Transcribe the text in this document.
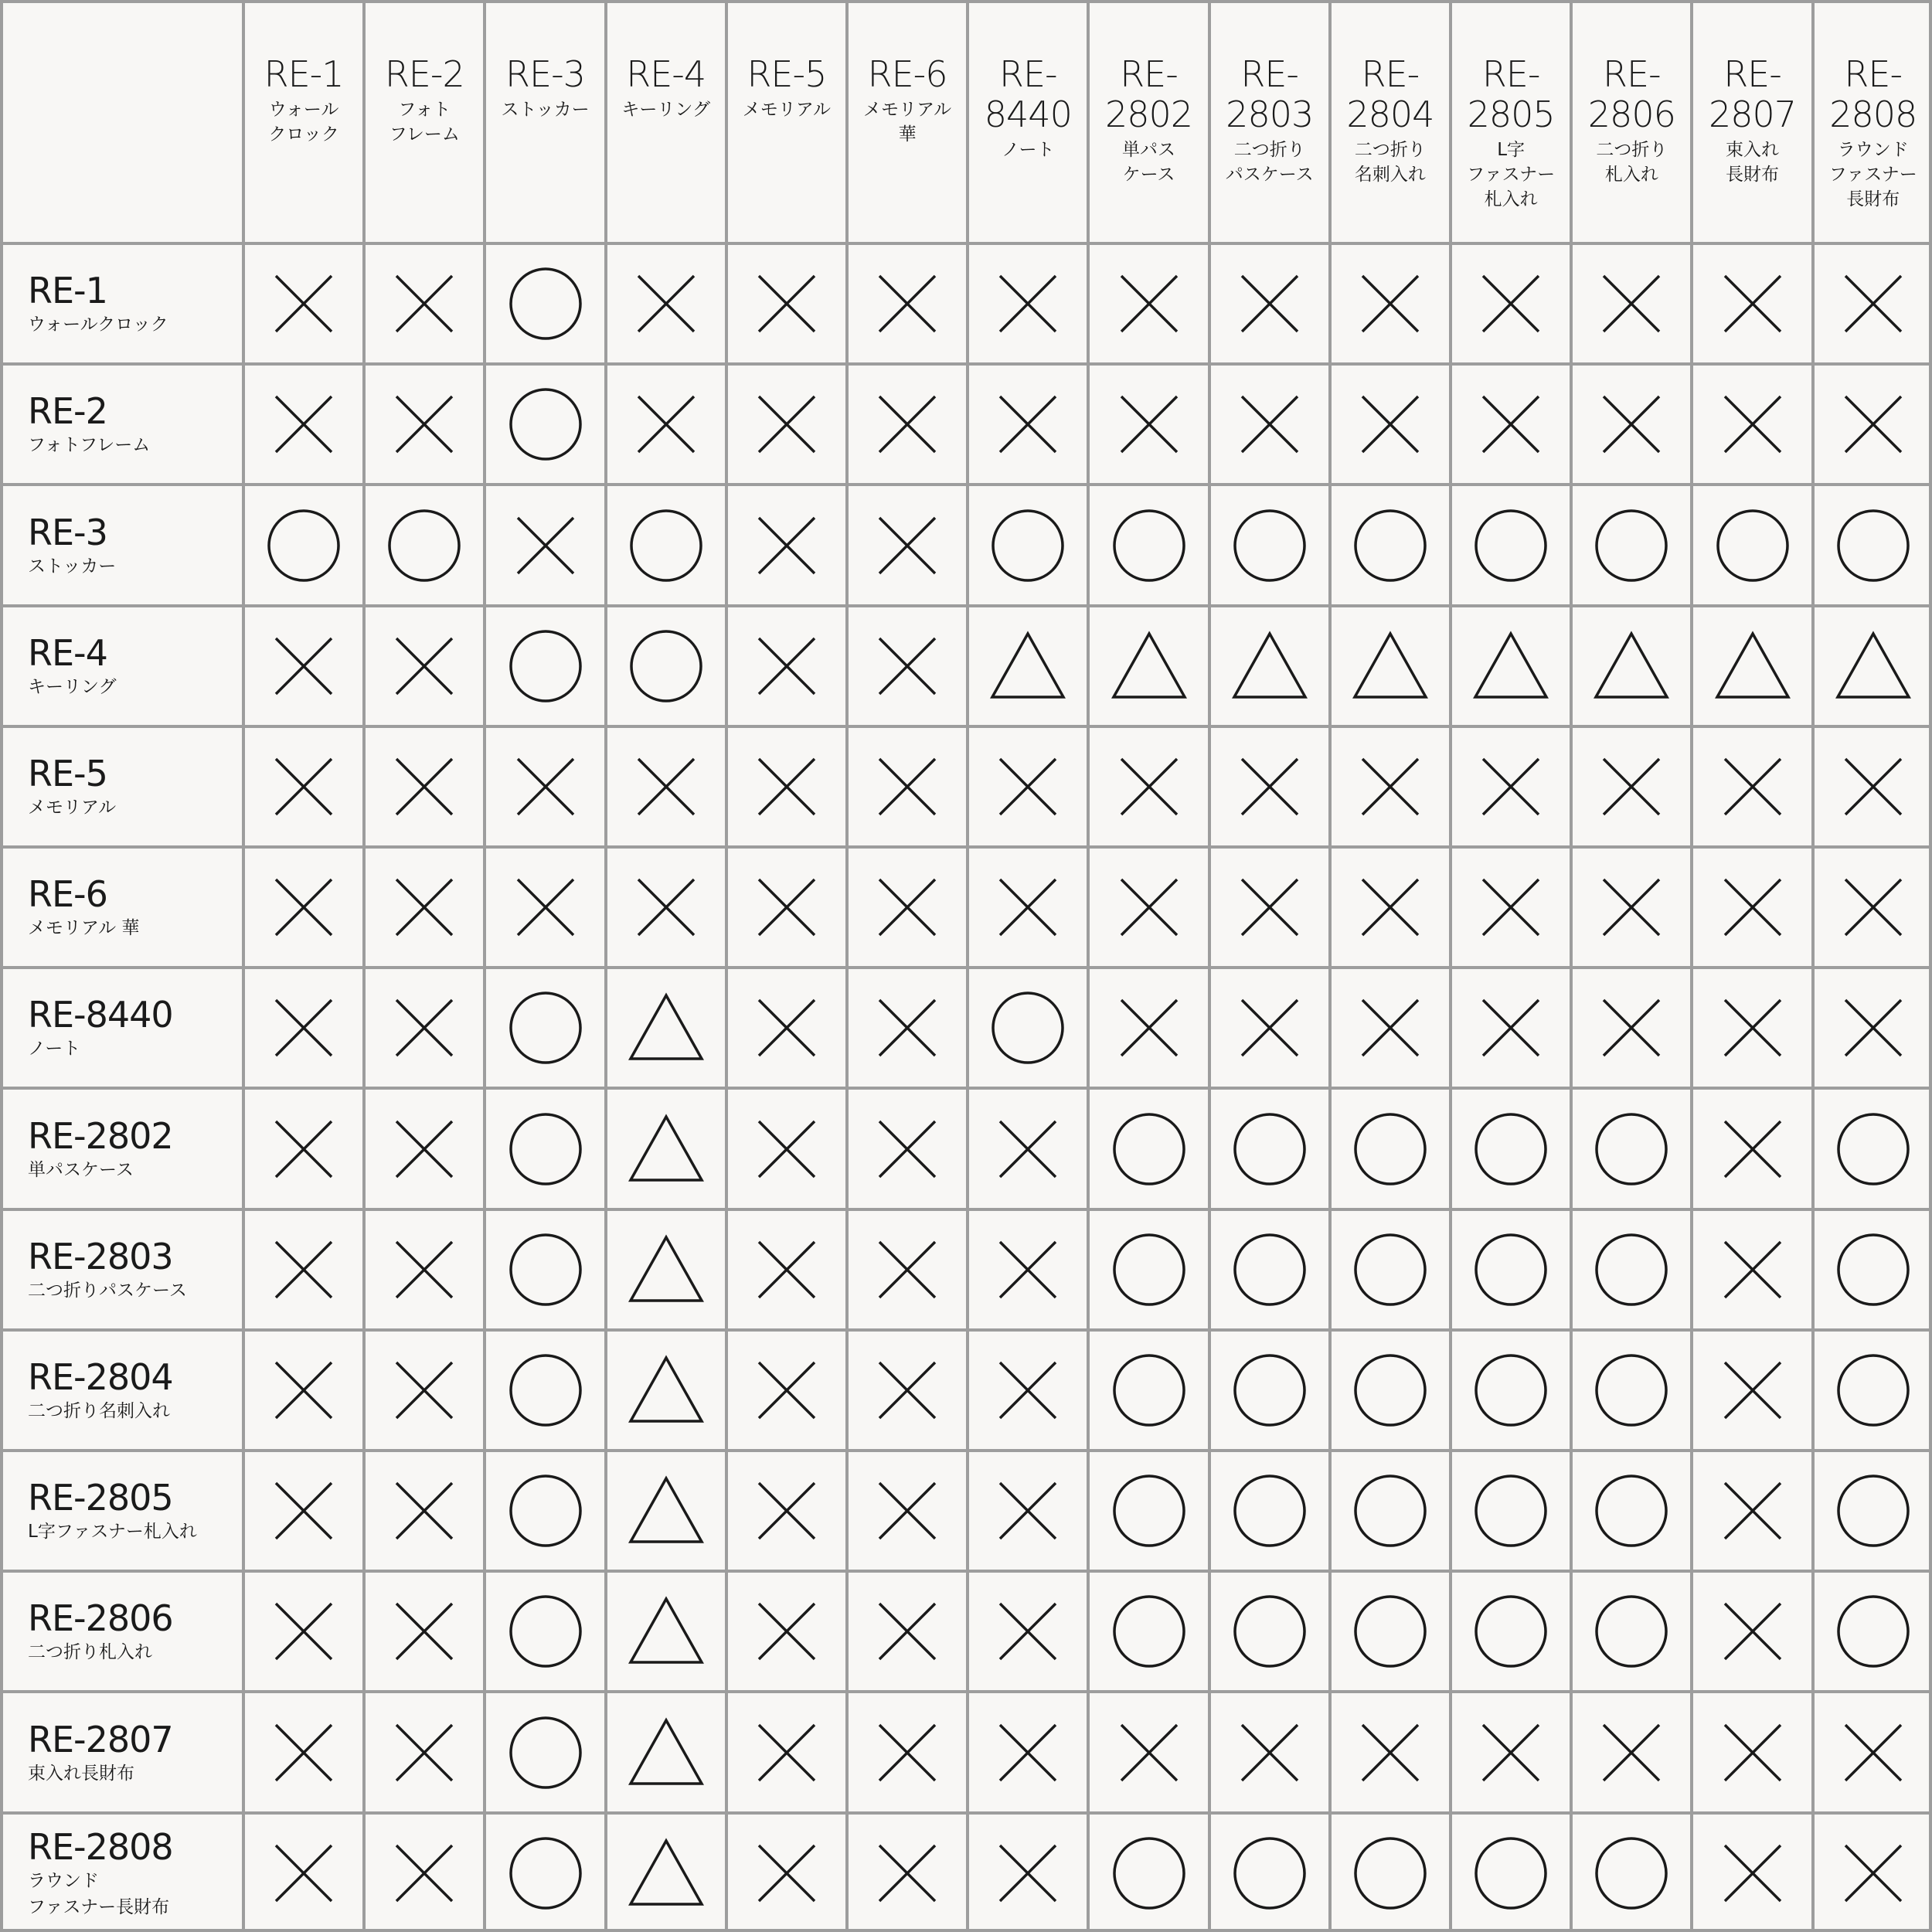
RE-1
ウォール
クロック
RE-2
フォト
フレーム
RE-3
ストッカー
RE-4
キーリング
RE-5
メモリアル
RE-6
メモリアル
華
RE-8440
ノート
RE-2802
単パス
ケース
RE-2803
二つ折り
パスケース
RE-2804
二つ折り
名刺入れ
RE-2805
L字
ファスナー
札入れ
RE-2806
二つ折り
札入れ
RE-2807
束入れ
長財布
RE-2808
ラウンド
ファスナー
長財布
RE-1
ウォールクロック
RE-2
フォトフレーム
RE-3
ストッカー
RE-4
キーリング
RE-5
メモリアル
RE-6
メモリアル 華
RE-8440
ノート
RE-2802
単パスケース
RE-2803
二つ折りパスケース
RE-2804
二つ折り名刺入れ
RE-2805
L字ファスナー札入れ
RE-2806
二つ折り札入れ
RE-2807
束入れ長財布
RE-2808
ラウンド
ファスナー長財布
